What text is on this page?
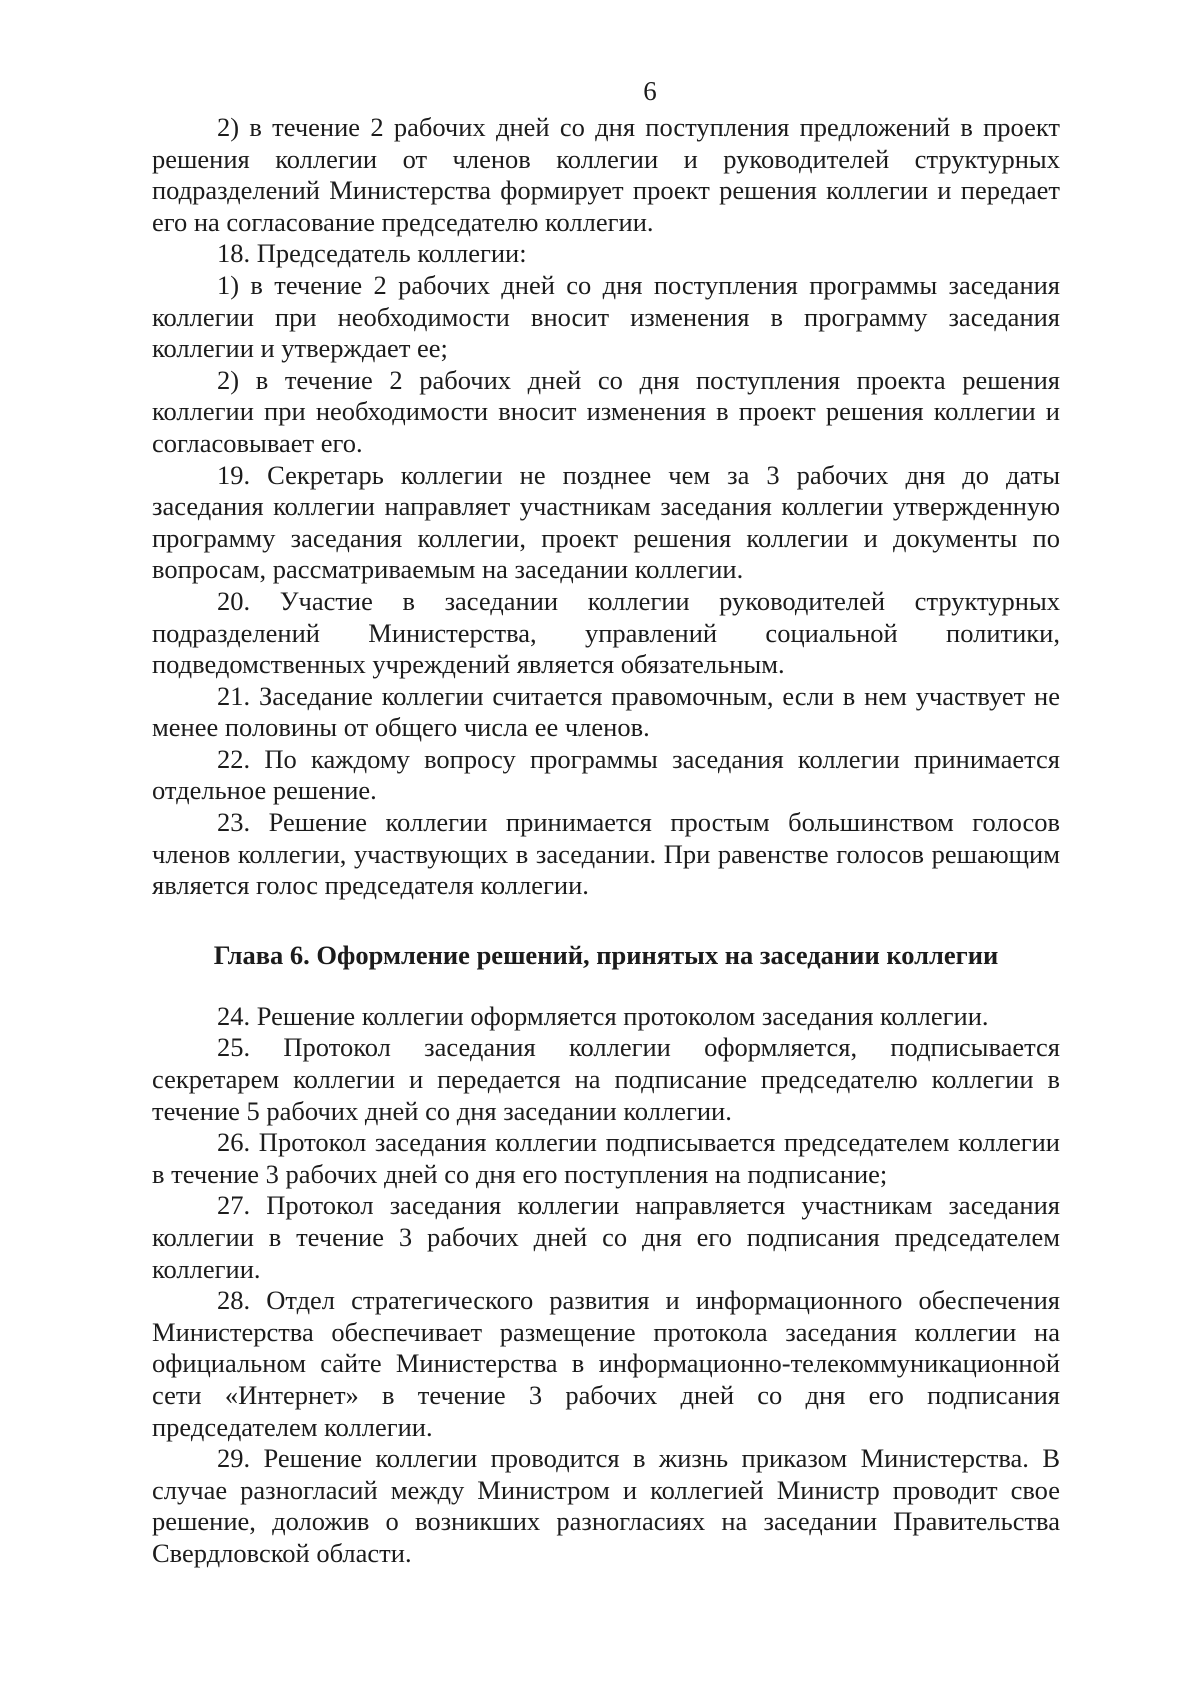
6

2) в течение 2 рабочих дней со дня поступления предложений в проект решения коллегии от членов коллегии и руководителей структурных подразделений Министерства формирует проект решения коллегии и передает его на согласование председателю коллегии.

18. Председатель коллегии:

1) в течение 2 рабочих дней со дня поступления программы заседания коллегии при необходимости вносит изменения в программу заседания коллегии и утверждает ее;

2) в течение 2 рабочих дней со дня поступления проекта решения коллегии при необходимости вносит изменения в проект решения коллегии и согласовывает его.

19. Секретарь коллегии не позднее чем за 3 рабочих дня до даты заседания коллегии направляет участникам заседания коллегии утвержденную программу заседания коллегии, проект решения коллегии и документы по вопросам, рассматриваемым на заседании коллегии.

20. Участие в заседании коллегии руководителей структурных подразделений Министерства, управлений социальной политики, подведомственных учреждений является обязательным.

21. Заседание коллегии считается правомочным, если в нем участвует не менее половины от общего числа ее членов.

22. По каждому вопросу программы заседания коллегии принимается отдельное решение.

23. Решение коллегии принимается простым большинством голосов членов коллегии, участвующих в заседании. При равенстве голосов решающим является голос председателя коллегии.

Глава 6. Оформление решений, принятых на заседании коллегии

24. Решение коллегии оформляется протоколом заседания коллегии.

25. Протокол заседания коллегии оформляется, подписывается секретарем коллегии и передается на подписание председателю коллегии в течение 5 рабочих дней со дня заседании коллегии.

26. Протокол заседания коллегии подписывается председателем коллегии в течение 3 рабочих дней со дня его поступления на подписание;

27. Протокол заседания коллегии направляется участникам заседания коллегии в течение 3 рабочих дней со дня его подписания председателем коллегии.

28. Отдел стратегического развития и информационного обеспечения Министерства обеспечивает размещение протокола заседания коллегии на официальном сайте Министерства в информационно-телекоммуникационной сети «Интернет» в течение 3 рабочих дней со дня его подписания председателем коллегии.

29. Решение коллегии проводится в жизнь приказом Министерства. В случае разногласий между Министром и коллегией Министр проводит свое решение, доложив о возникших разногласиях на заседании Правительства Свердловской области.
